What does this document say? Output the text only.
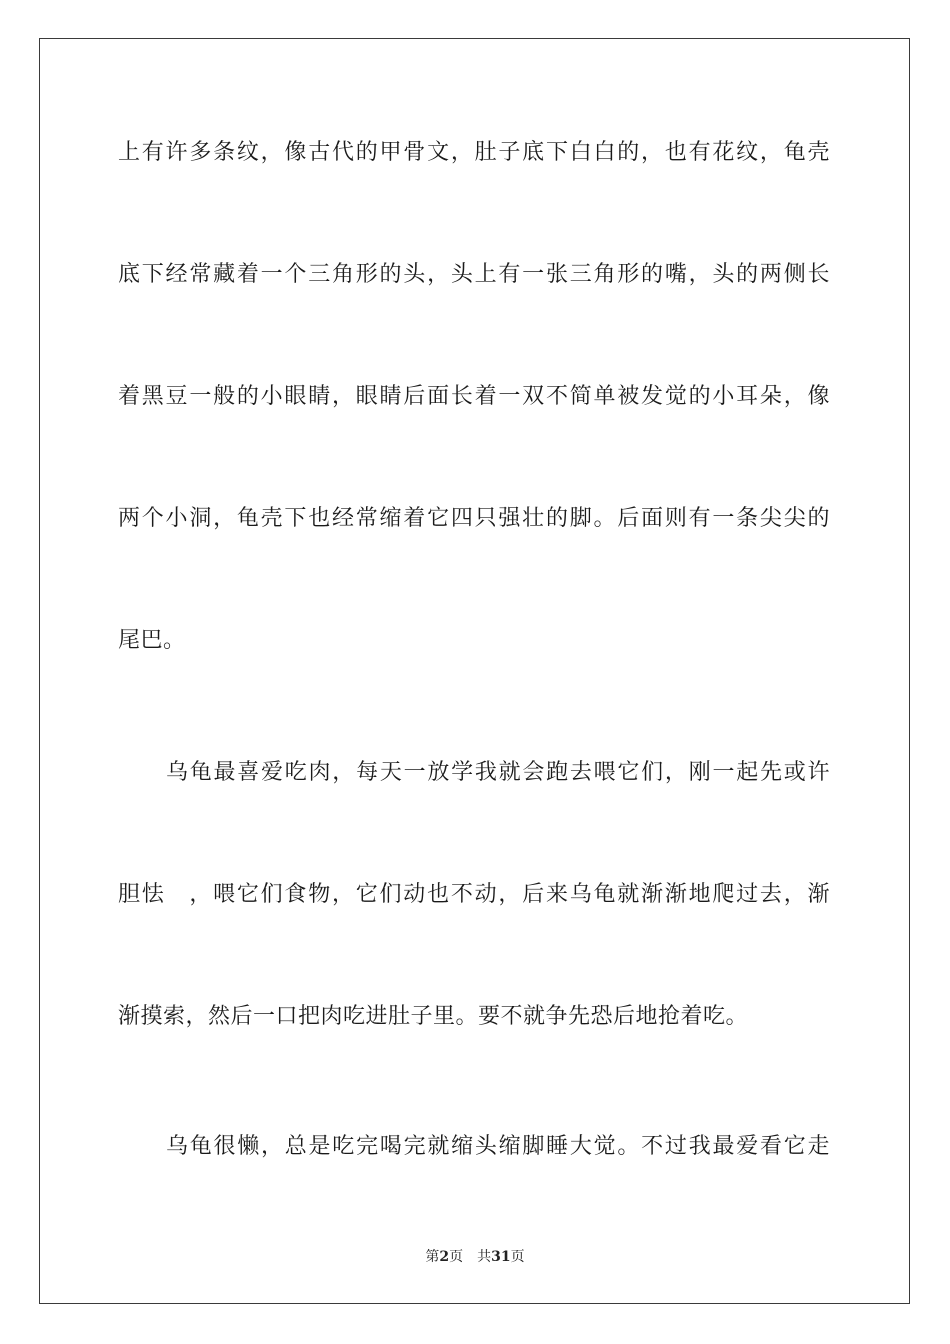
上有许多条纹，像古代的甲骨文，肚子底下白白的，也有花纹，龟壳
底下经常藏着一个三角形的头，头上有一张三角形的嘴，头的两侧长
着黑豆一般的小眼睛，眼睛后面长着一双不简单被发觉的小耳朵，像
两个小洞，龟壳下也经常缩着它四只强壮的脚。后面则有一条尖尖的
尾巴。
乌龟最喜爱吃肉，每天一放学我就会跑去喂它们，刚一起先或许
胆怯　，喂它们食物，它们动也不动，后来乌龟就渐渐地爬过去，渐
渐摸索，然后一口把肉吃进肚子里。要不就争先恐后地抢着吃。
乌龟很懒，总是吃完喝完就缩头缩脚睡大觉。不过我最爱看它走
第2页 共31页
